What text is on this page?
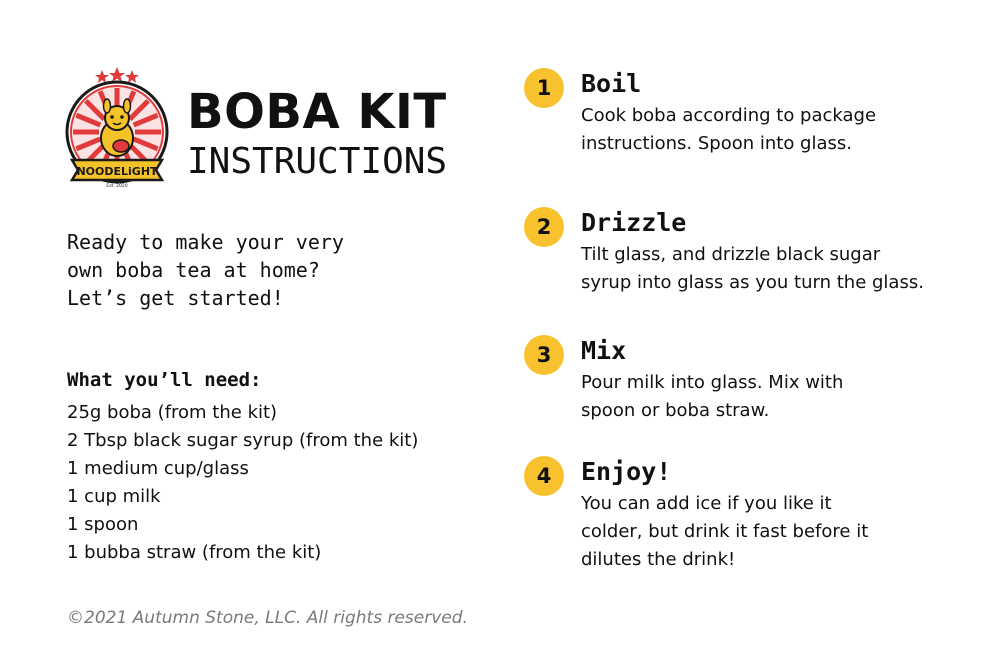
NOODELiGHT
Est. 2020
BOBA KIT
INSTRUCTIONS
Ready to make your very
own boba tea at home?
Let’s get started!
What you’ll need:
25g boba (from the kit)
2 Tbsp black sugar syrup (from the kit)
1 medium cup/glass
1 cup milk
1 spoon
1 bubba straw (from the kit)
©2021 Autumn Stone, LLC. All rights reserved.
1	Boil
Cook boba according to package
instructions. Spoon into glass.
2	Drizzle
Tilt glass, and drizzle black sugar
syrup into glass as you turn the glass.
3	Mix
Pour milk into glass. Mix with
spoon or boba straw.
4	Enjoy!
You can add ice if you like it
colder, but drink it fast before it
dilutes the drink!
